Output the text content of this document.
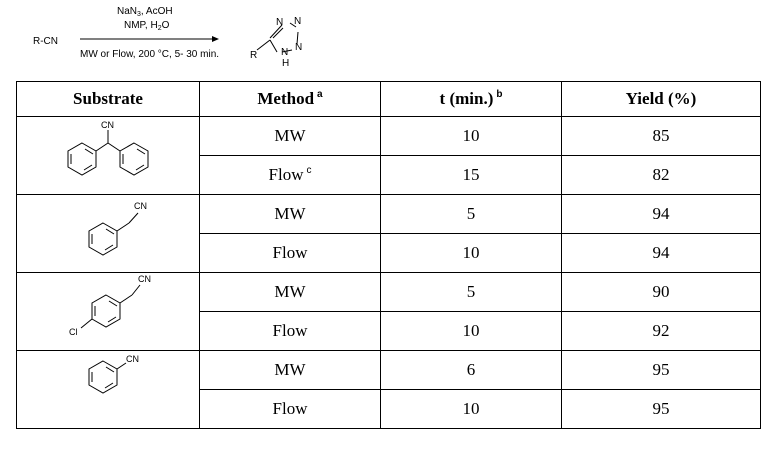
R-CN
NaN$_3$, AcOH
NMP, $H_2O$
MW or Flow, 200 °C, 5- 30 min.
N N
N
N
H
R
Substrate	Method $^a$	t (min.) $^b$	Yield (%)

CN	MW	10	85
	Flow $^c$	15	82

CN	MW	5	94
	Flow	10	94

CN
Cl	MW	5	90
	Flow	10	92

CN	MW	6	95
	Flow	10	95
